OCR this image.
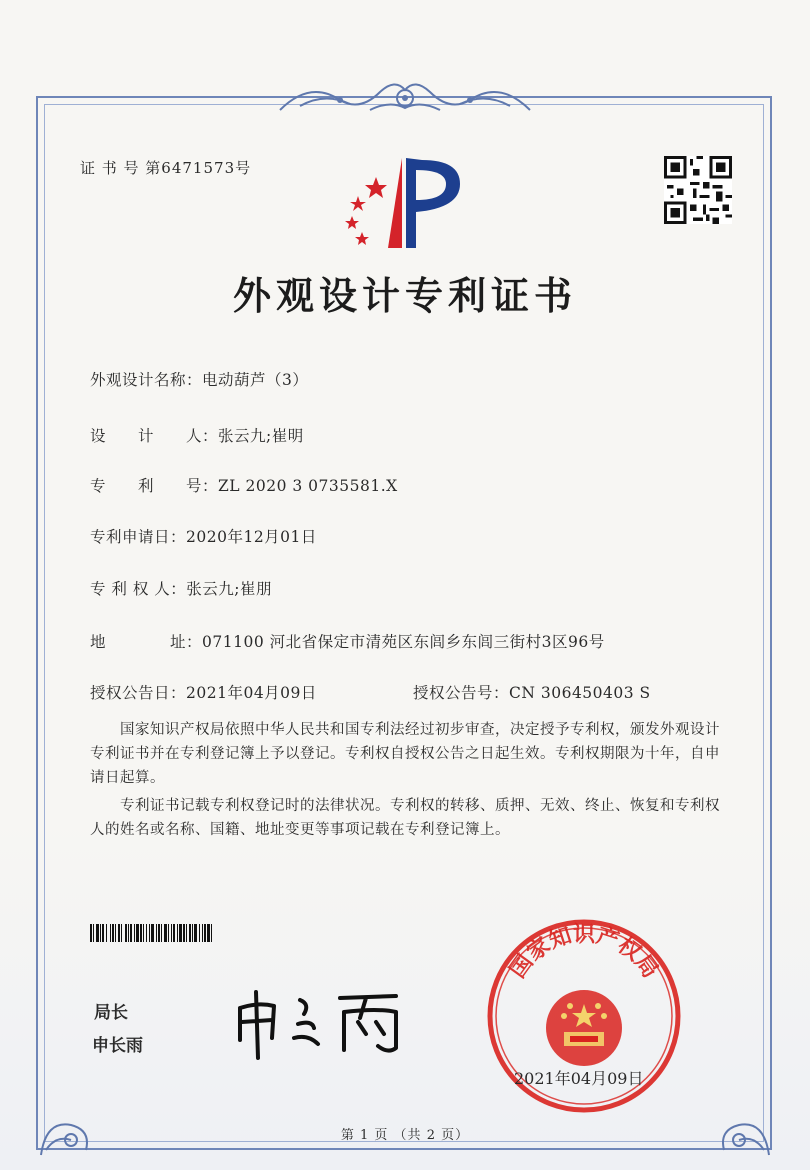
证 书 号 第6471573号
外观设计专利证书
外观设计名称：电动葫芦（3）
设　　计　　人：张云九;崔明
专　　利　　号：ZL 2020 3 0735581.X
专利申请日：2020年12月01日
专 利 权 人：张云九;崔朋
地　　　　址：071100 河北省保定市清苑区东闾乡东闾三街村3区96号
授权公告日：2021年04月09日	授权公告号：CN 306450403 S
国家知识产权局依照中华人民共和国专利法经过初步审查，决定授予专利权，颁发外观设计专利证书并在专利登记簿上予以登记。专利权自授权公告之日起生效。专利权期限为十年，自申请日起算。
专利证书记载专利权登记时的法律状况。专利权的转移、质押、无效、终止、恢复和专利权人的姓名或名称、国籍、地址变更等事项记载在专利登记簿上。
局长
申长雨
国家知识产权局
2021年04月09日
第 1 页 （共 2 页）
